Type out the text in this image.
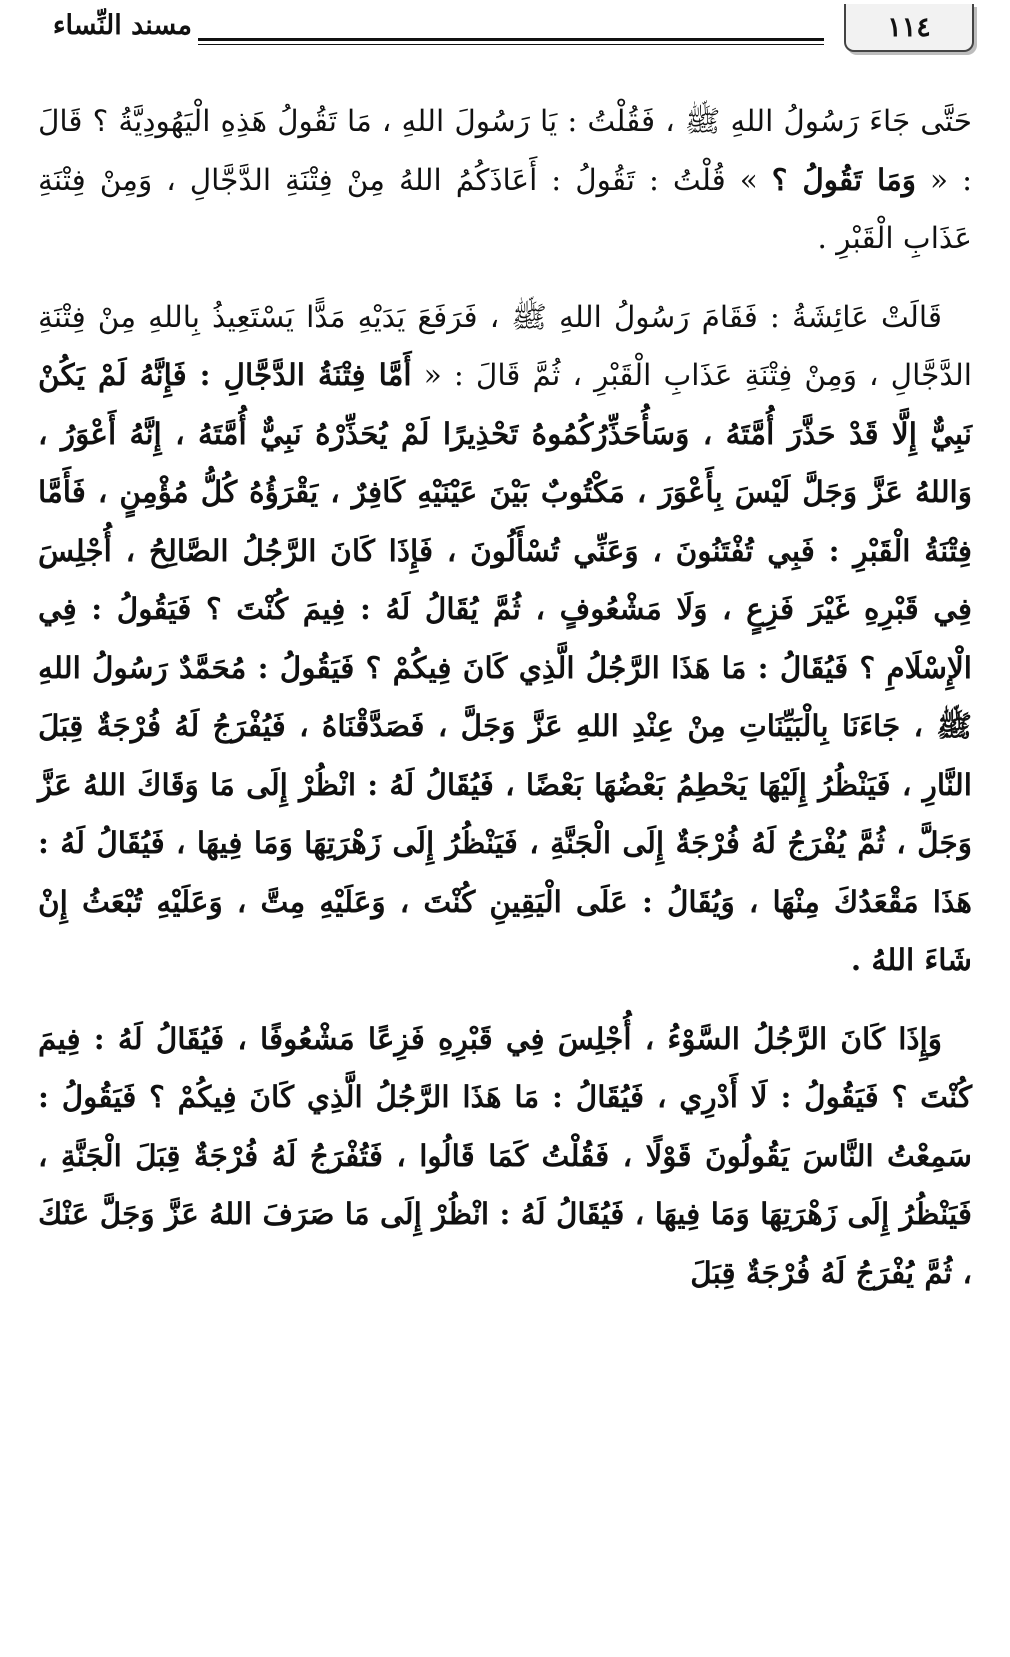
١١٤
مسند النِّساء

حَتَّى جَاءَ رَسُولُ اللهِ ﷺ ، فَقُلْتُ : يَا رَسُولَ اللهِ ، مَا تَقُولُ هَذِهِ الْيَهُودِيَّةُ ؟ قَالَ : « وَمَا تَقُولُ ؟ » قُلْتُ : تَقُولُ : أَعَاذَكُمُ اللهُ مِنْ فِتْنَةِ الدَّجَّالِ ، وَمِنْ فِتْنَةِ عَذَابِ الْقَبْرِ .

قَالَتْ عَائِشَةُ : فَقَامَ رَسُولُ اللهِ ﷺ ، فَرَفَعَ يَدَيْهِ مَدًّا يَسْتَعِيذُ بِاللهِ مِنْ فِتْنَةِ الدَّجَّالِ ، وَمِنْ فِتْنَةِ عَذَابِ الْقَبْرِ ، ثُمَّ قَالَ : « أَمَّا فِتْنَةُ الدَّجَّالِ : فَإِنَّهُ لَمْ يَكُنْ نَبِيٌّ إِلَّا قَدْ حَذَّرَ أُمَّتَهُ ، وَسَأُحَذِّرُكُمُوهُ تَحْذِيرًا لَمْ يُحَذِّرْهُ نَبِيٌّ أُمَّتَهُ ، إِنَّهُ أَعْوَرُ ، وَاللهُ عَزَّ وَجَلَّ لَيْسَ بِأَعْوَرَ ، مَكْتُوبٌ بَيْنَ عَيْنَيْهِ كَافِرٌ ، يَقْرَؤُهُ كُلُّ مُؤْمِنٍ ، فَأَمَّا فِتْنَةُ الْقَبْرِ : فَبِي تُفْتَنُونَ ، وَعَنِّي تُسْأَلُونَ ، فَإِذَا كَانَ الرَّجُلُ الصَّالِحُ ، أُجْلِسَ فِي قَبْرِهِ غَيْرَ فَزِعٍ ، وَلَا مَشْعُوفٍ ، ثُمَّ يُقَالُ لَهُ : فِيمَ كُنْتَ ؟ فَيَقُولُ : فِي الْإِسْلَامِ ؟ فَيُقَالُ : مَا هَذَا الرَّجُلُ الَّذِي كَانَ فِيكُمْ ؟ فَيَقُولُ : مُحَمَّدٌ رَسُولُ اللهِ ﷺ ، جَاءَنَا بِالْبَيِّنَاتِ مِنْ عِنْدِ اللهِ عَزَّ وَجَلَّ ، فَصَدَّقْنَاهُ ، فَيُفْرَجُ لَهُ فُرْجَةٌ قِبَلَ النَّارِ ، فَيَنْظُرُ إِلَيْهَا يَحْطِمُ بَعْضُهَا بَعْضًا ، فَيُقَالُ لَهُ : انْظُرْ إِلَى مَا وَقَاكَ اللهُ عَزَّ وَجَلَّ ، ثُمَّ يُفْرَجُ لَهُ فُرْجَةٌ إِلَى الْجَنَّةِ ، فَيَنْظُرُ إِلَى زَهْرَتِهَا وَمَا فِيهَا ، فَيُقَالُ لَهُ : هَذَا مَقْعَدُكَ مِنْهَا ، وَيُقَالُ : عَلَى الْيَقِينِ كُنْتَ ، وَعَلَيْهِ مِتَّ ، وَعَلَيْهِ تُبْعَثُ إِنْ شَاءَ اللهُ .

وَإِذَا كَانَ الرَّجُلُ السَّوْءُ ، أُجْلِسَ فِي قَبْرِهِ فَزِعًا مَشْعُوفًا ، فَيُقَالُ لَهُ : فِيمَ كُنْتَ ؟ فَيَقُولُ : لَا أَدْرِي ، فَيُقَالُ : مَا هَذَا الرَّجُلُ الَّذِي كَانَ فِيكُمْ ؟ فَيَقُولُ : سَمِعْتُ النَّاسَ يَقُولُونَ قَوْلًا ، فَقُلْتُ كَمَا قَالُوا ، فَتُفْرَجُ لَهُ فُرْجَةٌ قِبَلَ الْجَنَّةِ ، فَيَنْظُرُ إِلَى زَهْرَتِهَا وَمَا فِيهَا ، فَيُقَالُ لَهُ : انْظُرْ إِلَى مَا صَرَفَ اللهُ عَزَّ وَجَلَّ عَنْكَ ، ثُمَّ يُفْرَجُ لَهُ فُرْجَةٌ قِبَلَ
